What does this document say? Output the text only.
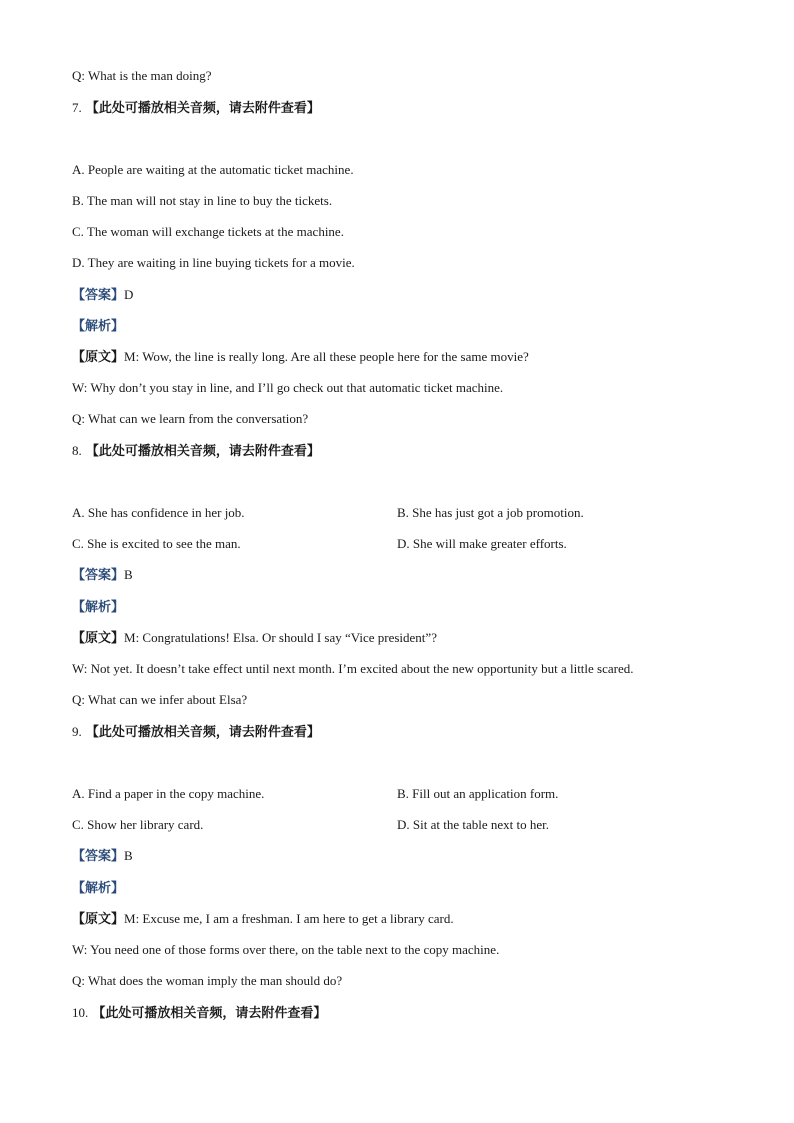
Q: What is the man doing?
7. 【此处可播放相关音频，请去附件查看】
A. People are waiting at the automatic ticket machine.
B. The man will not stay in line to buy the tickets.
C. The woman will exchange tickets at the machine.
D. They are waiting in line buying tickets for a movie.
【答案】D
【解析】
【原文】M: Wow, the line is really long. Are all these people here for the same movie?
W: Why don’t you stay in line, and I’ll go check out that automatic ticket machine.
Q: What can we learn from the conversation?
8. 【此处可播放相关音频，请去附件查看】
A. She has confidence in her job.	B. She has just got a job promotion.
C. She is excited to see the man.	D. She will make greater efforts.
【答案】B
【解析】
【原文】M: Congratulations! Elsa. Or should I say “Vice president”?
W: Not yet. It doesn’t take effect until next month. I’m excited about the new opportunity but a little scared.
Q: What can we infer about Elsa?
9. 【此处可播放相关音频，请去附件查看】
A. Find a paper in the copy machine.	B. Fill out an application form.
C. Show her library card.	D. Sit at the table next to her.
【答案】B
【解析】
【原文】M: Excuse me, I am a freshman. I am here to get a library card.
W: You need one of those forms over there, on the table next to the copy machine.
Q: What does the woman imply the man should do?
10. 【此处可播放相关音频，请去附件查看】
